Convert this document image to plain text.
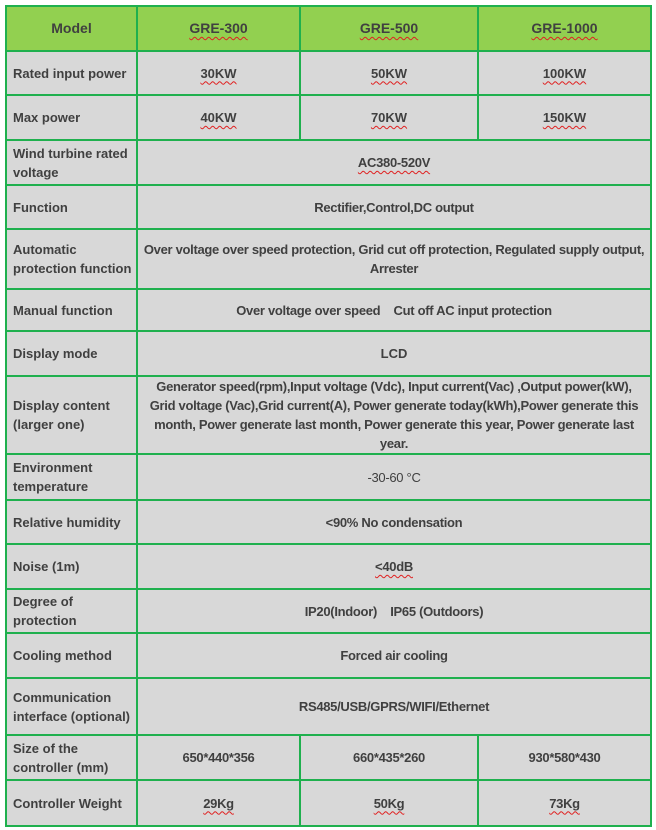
Model	GRE-300	GRE-500	GRE-1000
Rated input power	30KW	50KW	100KW
Max power	40KW	70KW	150KW
Wind turbine rated voltage	AC380-520V		
Function	Rectifier,Control,DC output		
Automatic protection function	Over voltage over speed protection, Grid cut off protection, Regulated supply output, Arrester		
Manual function	Over voltage over speed    Cut off AC input protection		
Display mode	LCD		
Display content (larger one)	Generator speed(rpm),Input voltage (Vdc), Input current(Vac) ,Output power(kW), Grid voltage (Vac),Grid current(A), Power generate today(kWh),Power generate this month, Power generate last month, Power generate this year, Power generate last year.		
Environment temperature	-30-60 °C		
Relative humidity	<90% No condensation		
Noise (1m)	<40dB		
Degree of protection	IP20(Indoor)    IP65 (Outdoors)		
Cooling method	Forced air cooling		
Communication interface (optional)	RS485/USB/GPRS/WIFI/Ethernet		
Size of the controller (mm)	650*440*356	660*435*260	930*580*430
Controller Weight	29Kg	50Kg	73Kg
